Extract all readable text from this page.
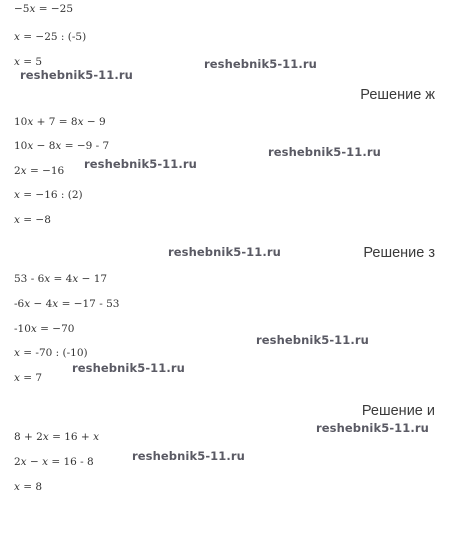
−5𝑥 = −25
𝑥 = −25 : (-5)
𝑥 = 5
reshebnik5-11.ru
reshebnik5-11.ru
Решение ж
10𝑥 + 7 = 8𝑥 − 9
10𝑥 − 8𝑥 = −9 - 7
2𝑥 = −16
𝑥 = −16 : (2)
𝑥 = −8
reshebnik5-11.ru
reshebnik5-11.ru
reshebnik5-11.ru	Решение з
53 - 6𝑥 = 4𝑥 − 17
-6𝑥 − 4𝑥 = −17 - 53
-10𝑥 = −70
𝑥 = -70 : (-10)
𝑥 = 7
reshebnik5-11.ru
reshebnik5-11.ru
Решение и
reshebnik5-11.ru
8 + 2𝑥 = 16 + 𝑥
reshebnik5-11.ru
2𝑥 − 𝑥 = 16 - 8
𝑥 = 8
